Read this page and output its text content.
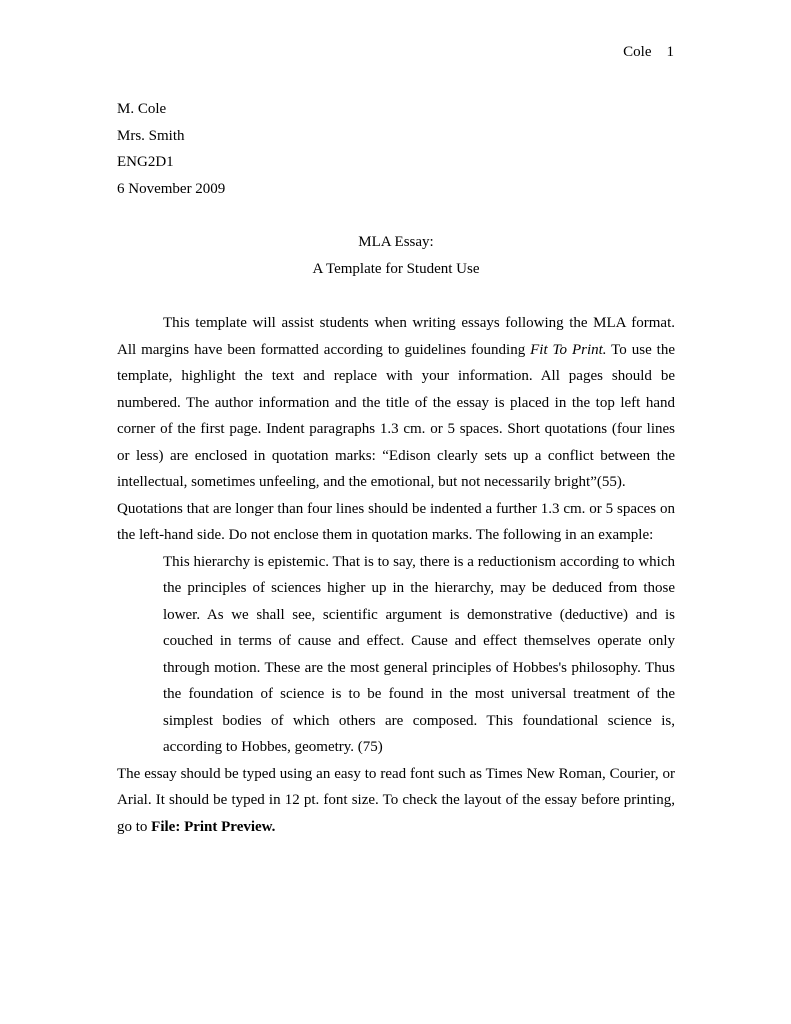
Cole    1
M. Cole
Mrs. Smith
ENG2D1
6 November 2009
MLA Essay:
A Template for Student Use

This template will assist students when writing essays following the MLA format. All margins have been formatted according to guidelines founding Fit To Print. To use the template, highlight the text and replace with your information. All pages should be numbered. The author information and the title of the essay is placed in the top left hand corner of the first page. Indent paragraphs 1.3 cm. or 5 spaces. Short quotations (four lines or less) are enclosed in quotation marks: “Edison clearly sets up a conflict between the intellectual, sometimes unfeeling, and the emotional, but not necessarily bright”(55).

Quotations that are longer than four lines should be indented a further 1.3 cm. or 5 spaces on the left-hand side. Do not enclose them in quotation marks. The following in an example:

This hierarchy is epistemic. That is to say, there is a reductionism according to which the principles of sciences higher up in the hierarchy, may be deduced from those lower. As we shall see, scientific argument is demonstrative (deductive) and is couched in terms of cause and effect. Cause and effect themselves operate only through motion. These are the most general principles of Hobbes's philosophy. Thus the foundation of science is to be found in the most universal treatment of the simplest bodies of which others are composed. This foundational science is, according to Hobbes, geometry. (75)

The essay should be typed using an easy to read font such as Times New Roman, Courier, or Arial. It should be typed in 12 pt. font size. To check the layout of the essay before printing, go to File: Print Preview.
